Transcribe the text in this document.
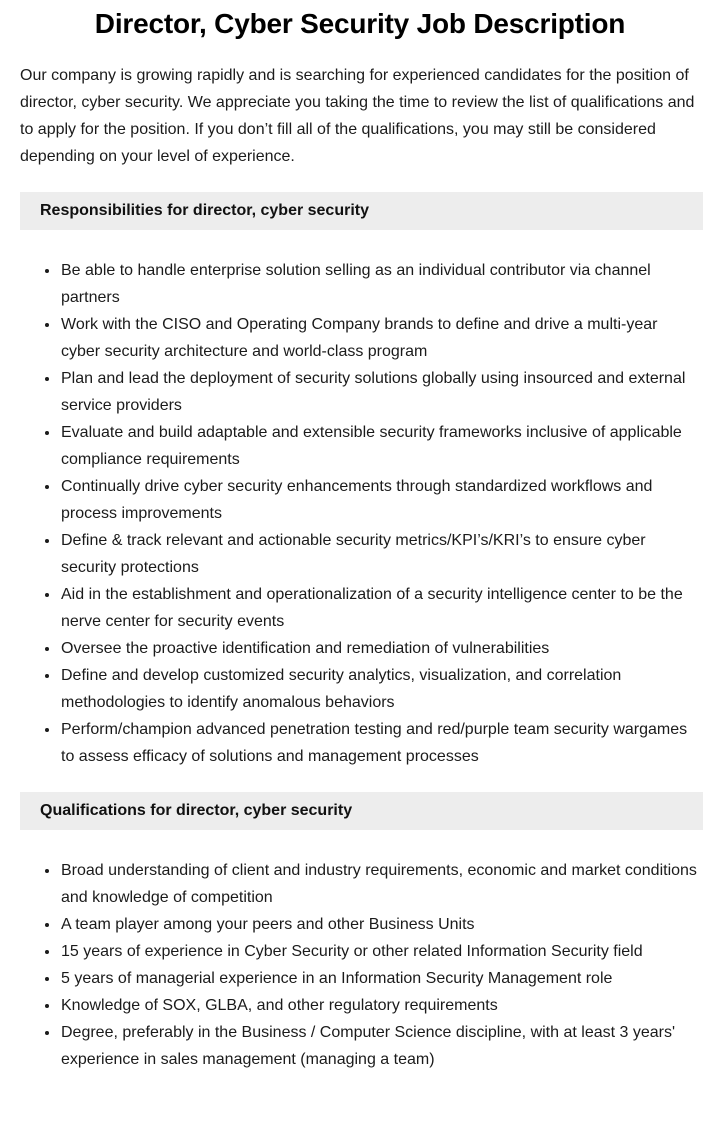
Director, Cyber Security Job Description

Our company is growing rapidly and is searching for experienced candidates for the position of director, cyber security. We appreciate you taking the time to review the list of qualifications and to apply for the position. If you don’t fill all of the qualifications, you may still be considered depending on your level of experience.

Responsibilities for director, cyber security
• Be able to handle enterprise solution selling as an individual contributor via channel partners
• Work with the CISO and Operating Company brands to define and drive a multi-year cyber security architecture and world-class program
• Plan and lead the deployment of security solutions globally using insourced and external service providers
• Evaluate and build adaptable and extensible security frameworks inclusive of applicable compliance requirements
• Continually drive cyber security enhancements through standardized workflows and process improvements
• Define & track relevant and actionable security metrics/KPI’s/KRI’s to ensure cyber security protections
• Aid in the establishment and operationalization of a security intelligence center to be the nerve center for security events
• Oversee the proactive identification and remediation of vulnerabilities
• Define and develop customized security analytics, visualization, and correlation methodologies to identify anomalous behaviors
• Perform/champion advanced penetration testing and red/purple team security wargames to assess efficacy of solutions and management processes
Qualifications for director, cyber security
• Broad understanding of client and industry requirements, economic and market conditions and knowledge of competition
• A team player among your peers and other Business Units
• 15 years of experience in Cyber Security or other related Information Security field
• 5 years of managerial experience in an Information Security Management role
• Knowledge of SOX, GLBA, and other regulatory requirements
• Degree, preferably in the Business / Computer Science discipline, with at least 3 years' experience in sales management (managing a team)
